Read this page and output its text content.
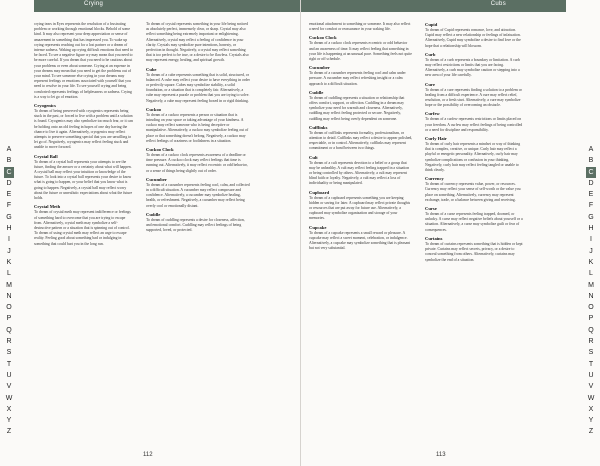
Crying
A
B
C
D
E
F
G
H
I
J
K
L
M
N
O
P
Q
R
S
T
U
V
W
X
Y
Z

crying tears in Eyes represents the resolution of a frustrating problem or working through emotional blocks. Behold of some kind. It may also represent your deep appreciation or sense of amazement in something that has impressed you. To wake up crying represents reaching out for a lost partner or a dream of intense sadness. Waking up crying difficult emotions that need to be faced. To see a negative figure cry may mean that you need to be more careful. If you dream that you need to be cautious about your problems or even about someone. Crying at an expense in your dreams may mean that you need to get the problems out of your mind. To see someone else crying in your dreams may represent feelings or emotions associated with yourself that you need to resolve in your life. To see yourself crying and being comforted represents feelings of helplessness or sadness. Crying is a way to let go of emotion.

Cryogenics

To dream of being preserved with cryogenics represents being stuck in the past, or forced to live with a problem until a solution is found. Cryogenics may also symbolize too much fear, or it can be holding onto an old feeling in hopes of one day having the chance to live it again. Alternatively, cryogenics may reflect attempts to preserve something special that you are unwilling to let go of. Negatively, cryogenics may reflect feeling stuck and unable to move forward.

Crystal Ball

To dream of a crystal ball represents your attempts to see the future, finding the answer or a certainty about what will happen. A crystal ball may reflect your intuition or knowledge of the future. To look into a crystal ball represents your desire to know what is going to happen, or your belief that you know what is going to happen. Negatively, a crystal ball may reflect worry about the future or unrealistic expectations about what the future holds.

Crystal Meth

To dream of crystal meth may represent indifference or feelings of something hard to overcome that you are trying to escape from. Alternatively, crystal meth may symbolize a self-destructive pattern or a situation that is spinning out of control. To dream of using crystal meth may reflect an urge to escape reality. Feeling good about something bad or indulging in something that could hurt you in the long run.

To dream of crystal represents something in your life being noticed as absolutely perfect, immensely clear, or sharp. Crystal may also reflect something being extremely important or enlightening. Alternatively, crystal may reflect a feeling of confidence in your clarity. Crystals may symbolize pure intentions, honesty, or perfection in thought. Negatively, a crystal may reflect something that is too perfect to be true, or a desire to be flawless. Crystals also may represent energy, healing, and spiritual growth.

Cube

To dream of a cube represents something that is solid, structured, or balanced. A cube may reflect your desire to have everything in order or perfectly square. Cubes may symbolize stability, a solid foundation, or a situation that is completely fair. Alternatively, a cube may represent a puzzle or problem that you are trying to solve. Negatively, a cube may represent feeling boxed in or rigid thinking.

Cuckoo

To dream of a cuckoo represents a person or situation that is intruding on your space or taking advantage of your kindness. A cuckoo may reflect someone who is being deceptive or manipulative. Alternatively, a cuckoo may symbolize feeling out of place or that something doesn't belong. Negatively, a cuckoo may reflect feelings of craziness or foolishness in a situation.

Cuckoo Clock

To dream of a cuckoo clock represents awareness of a deadline or time pressure. A cuckoo clock may reflect feelings that time is running out. Alternatively, it may reflect eccentric or odd behavior, or a sense of things being slightly out of order.

Cucumber

To dream of a cucumber represents feeling cool, calm, and collected in a difficult situation. A cucumber may reflect composure and confidence. Alternatively, a cucumber may symbolize healing, health, or refreshment. Negatively, a cucumber may reflect being overly cool or emotionally distant.

Cuddle

To dream of cuddling represents a desire for closeness, affection, and emotional comfort. Cuddling may reflect feelings of being supported, loved, or protected.

112
Cubs
A
B
C
D
E
F
G
H
I
J
K
L
M
N
O
P
Q
R
S
T
U
V
W
X
Y
Z

emotional attachment to something or someone. It may also reflect a need for comfort or reassurance in your waking life.

Cuckoo Clock

To dream of a cuckoo clock represents eccentric or odd behavior and an awareness of time. It may reflect feeling that something in your life is happening at an unusual pace. Something feels not quite right or off schedule.

Cucumber

To dream of a cucumber represents feeling cool and calm under pressure. A cucumber may reflect refreshing insight or a calm approach to a difficult situation.

Cuddle

To dream of cuddling represents a situation or relationship that offers comfort, support, or affection. Cuddling in a dream may symbolize your need for warmth and closeness. Alternatively, cuddling may reflect feeling protected or secure. Negatively, cuddling may reflect being overly dependent on someone.

Cufflinks

To dream of cufflinks represents formality, professionalism, or attention to detail. Cufflinks may reflect a desire to appear polished, respectable, or in control. Alternatively, cufflinks may represent commitment or a bond between two things.

Cult

To dream of a cult represents devotion to a belief or a group that may be unhealthy. A cult may reflect feeling trapped in a situation or being controlled by others. Alternatively, a cult may represent blind faith or loyalty. Negatively, a cult may reflect a loss of individuality or being manipulated.

Cupboard

To dream of a cupboard represents something you are keeping hidden or saving for later. A cupboard may reflect private thoughts or resources that are put away for future use. Alternatively, a cupboard may symbolize organization and storage of your memories.

Cupcake

To dream of a cupcake represents a small reward or pleasure. A cupcake may reflect a sweet moment, celebration, or indulgence. Alternatively, a cupcake may symbolize something that is pleasant but not very substantial.

Cupid

To dream of Cupid represents romance, love, and attraction. Cupid may reflect a new relationship or feelings of infatuation. Alternatively, Cupid may symbolize a desire to find love or the hope that a relationship will blossom.

Curb

To dream of a curb represents a boundary or limitation. A curb may reflect restrictions or limits that you are facing. Alternatively, a curb may symbolize caution or stepping into a new area of your life carefully.

Cure

To dream of a cure represents finding a solution to a problem or healing from a difficult experience. A cure may reflect relief, resolution, or a fresh start. Alternatively, a cure may symbolize hope or the possibility of overcoming an obstacle.

Curfew

To dream of a curfew represents restrictions or limits placed on your freedom. A curfew may reflect feelings of being controlled or a need for discipline and responsibility.

Curly Hair

To dream of curly hair represents a mindset or way of thinking that is complex, creative, or unique. Curly hair may reflect a playful or energetic personality. Alternatively, curly hair may symbolize complications or confusion in your thinking. Negatively, curly hair may reflect feeling tangled or unable to think clearly.

Currency

To dream of currency represents value, power, or resources. Currency may reflect your sense of self-worth or the value you place on something. Alternatively, currency may represent exchange, trade, or a balance between giving and receiving.

Curse

To dream of a curse represents feeling trapped, doomed, or unlucky. A curse may reflect negative beliefs about yourself or a situation. Alternatively, a curse may symbolize guilt or fear of consequences.

Curtains

To dream of curtains represents something that is hidden or kept private. Curtains may reflect secrets, privacy, or a desire to conceal something from others. Alternatively, curtains may symbolize the end of a situation.

113
